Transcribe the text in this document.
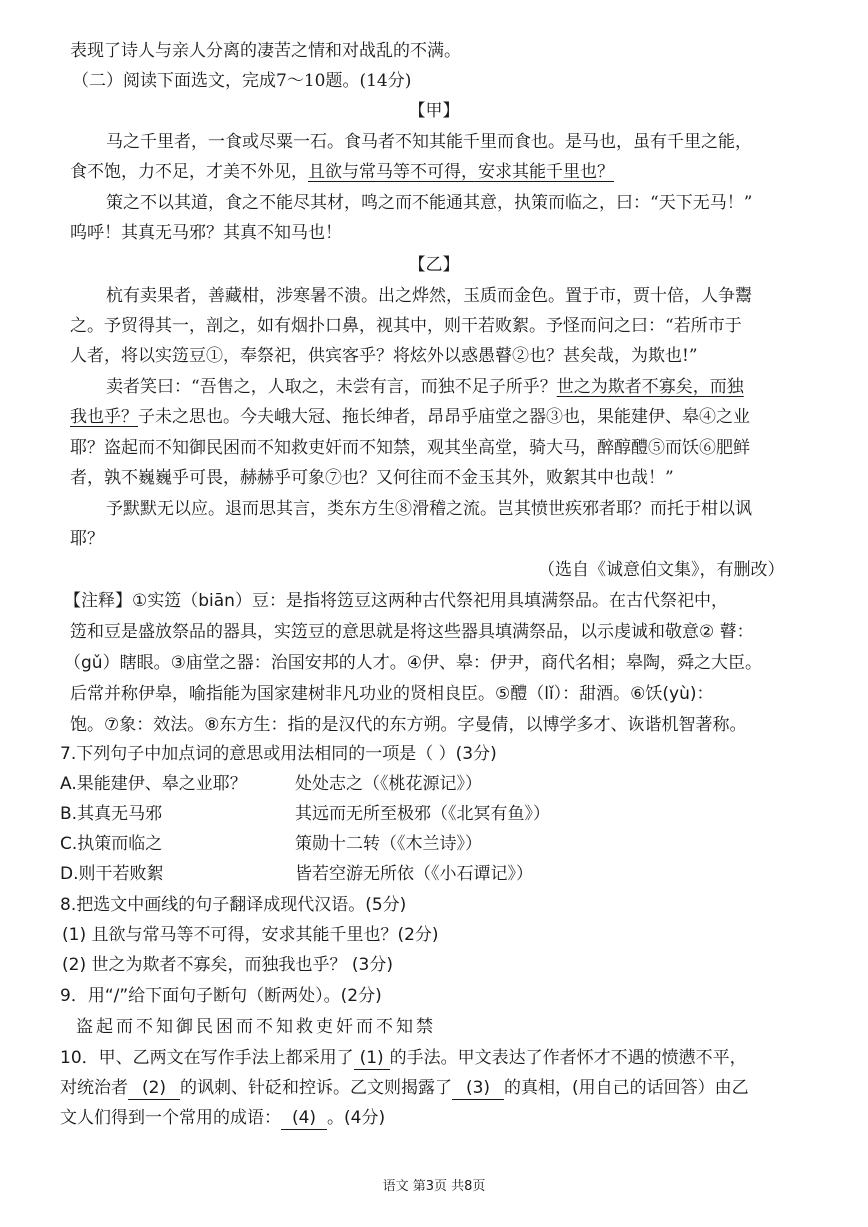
表现了诗人与亲人分离的凄苦之情和对战乱的不满。
（二）阅读下面选文，完成7～10题。(14分)
【甲】
马之千里者，一食或尽粟一石。食马者不知其能千里而食也。是马也，虽有千里之能，
食不饱，力不足，才美不外见，且欲与常马等不可得，安求其能千里也？
策之不以其道，食之不能尽其材，鸣之而不能通其意，执策而临之，曰：“天下无马！”
呜呼！其真无马邪？其真不知马也！
【乙】
杭有卖果者，善藏柑，涉寒暑不溃。出之烨然，玉质而金色。置于市，贾十倍，人争鬻
之。予贸得其一，剖之，如有烟扑口鼻，视其中，则干若败絮。予怪而问之曰：“若所市于
人者，将以实笾豆①，奉祭祀，供宾客乎？将炫外以惑愚瞽②也？甚矣哉，为欺也!”
卖者笑曰：“吾售之，人取之，未尝有言，而独不足子所乎？世之为欺者不寡矣，而独
我也乎？子未之思也。今夫峨大冠、拖长绅者，昂昂乎庙堂之器③也，果能建伊、皋④之业
耶？盗起而不知御民困而不知救吏奸而不知禁，观其坐高堂，骑大马，醉醇醴⑤而饫⑥肥鲜
者，孰不巍巍乎可畏，赫赫乎可象⑦也？又何往而不金玉其外，败絮其中也哉！”
予默默无以应。退而思其言，类东方生⑧滑稽之流。岂其愤世疾邪者耶？而托于柑以讽
耶？
（选自《诚意伯文集》，有删改）
【注释】①实笾（biān）豆：是指将笾豆这两种古代祭祀用具填满祭品。在古代祭祀中，
笾和豆是盛放祭品的器具，实笾豆的意思就是将这些器具填满祭品，以示虔诚和敬意② 瞽：
（gǔ）瞎眼。③庙堂之器：治国安邦的人才。④伊、皋：伊尹，商代名相；皋陶，舜之大臣。
后常并称伊皋，喻指能为国家建树非凡功业的贤相良臣。⑤醴（lǐ）：甜酒。⑥饫(yù)：
饱。⑦象：效法。⑧东方生：指的是汉代的东方朔。字曼倩，以博学多才、诙谐机智著称。
7.下列句子中加点词的意思或用法相同的一项是（ ）(3分)
A.果能建伊、皋之业耶？	处处志之（《桃花源记》）
B.其真无马邪	其远而无所至极邪（《北冥有鱼》）
C.执策而临之	策勋十二转（《木兰诗》）
D.则干若败絮	皆若空游无所依（《小石谭记》）
8.把选文中画线的句子翻译成现代汉语。(5分)
(1) 且欲与常马等不可得，安求其能千里也？(2分)
(2) 世之为欺者不寡矣，而独我也乎？ (3分)
9．用“/”给下面句子断句（断两处）。(2分)
盗起而不知御民困而不知救吏奸而不知禁
10．甲、乙两文在写作手法上都采用了 (1) 的手法。甲文表达了作者怀才不遇的愤懑不平，
对统治者 (2) 的讽刺、针砭和控诉。乙文则揭露了 (3) 的真相，(用自己的话回答）由乙
文人们得到一个常用的成语： (4) 。(4分)
语文 第3页 共8页
